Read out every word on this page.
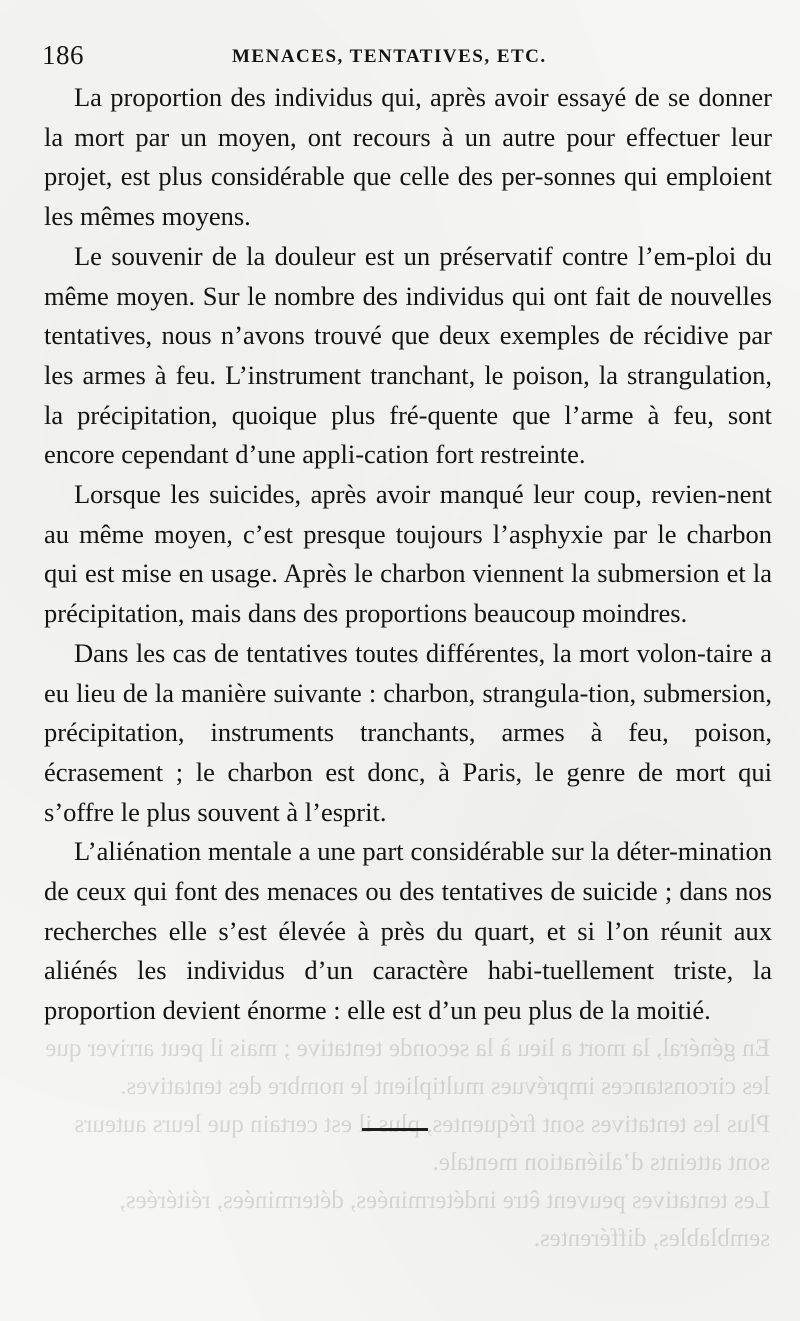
186	MENACES, TENTATIVES, ETC.

La proportion des individus qui, après avoir essayé de se donner la mort par un moyen, ont recours à un autre pour effectuer leur projet, est plus considérable que celle des per-sonnes qui emploient les mêmes moyens.

Le souvenir de la douleur est un préservatif contre l’em-ploi du même moyen. Sur le nombre des individus qui ont fait de nouvelles tentatives, nous n’avons trouvé que deux exemples de récidive par les armes à feu. L’instrument tranchant, le poison, la strangulation, la précipitation, quoique plus fré-quente que l’arme à feu, sont encore cependant d’une appli-cation fort restreinte.

Lorsque les suicides, après avoir manqué leur coup, revien-nent au même moyen, c’est presque toujours l’asphyxie par le charbon qui est mise en usage. Après le charbon viennent la submersion et la précipitation, mais dans des proportions beaucoup moindres.

Dans les cas de tentatives toutes différentes, la mort volon-taire a eu lieu de la manière suivante : charbon, strangula-tion, submersion, précipitation, instruments tranchants, armes à feu, poison, écrasement ; le charbon est donc, à Paris, le genre de mort qui s’offre le plus souvent à l’esprit.

L’aliénation mentale a une part considérable sur la déter-mination de ceux qui font des menaces ou des tentatives de suicide ; dans nos recherches elle s’est élevée à près du quart, et si l’on réunit aux aliénés les individus d’un caractère habi-tuellement triste, la proportion devient énorme : elle est d’un peu plus de la moitié.

En général, la mort a lieu à la seconde tentative ; mais il peut arriver que les circonstances imprévues multiplient le nombre des tentatives.
Plus les tentatives sont fréquentes, plus il est certain que leurs auteurs sont atteints d’aliénation mentale.
Les tentatives peuvent être indéterminées, déterminées, réitérées, semblables, différentes.
